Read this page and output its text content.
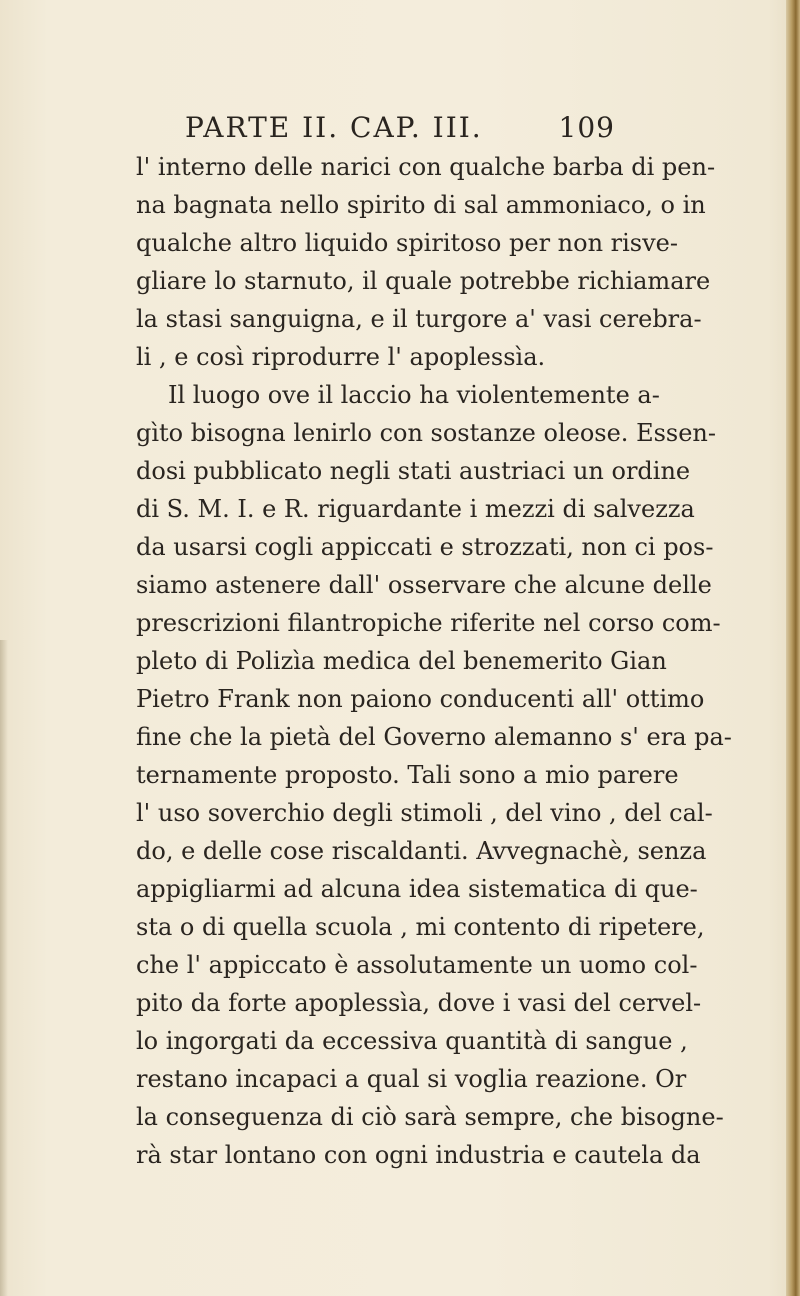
PARTE II. CAP. III.	109
l' interno delle narici con qualche barba di pen-
na bagnata nello spirito di sal ammoniaco, o in
qualche altro liquido spiritoso per non risve-
gliare lo starnuto, il quale potrebbe richiamare
la stasi sanguigna, e il turgore a' vasi cerebra-
li , e così riprodurre l' apoplessìa.
Il luogo ove il laccio ha violentemente a-
gìto bisogna lenirlo con sostanze oleose. Essen-
dosi pubblicato negli stati austriaci un ordine
di S. M. I. e R. riguardante i mezzi di salvezza
da usarsi cogli appiccati e strozzati, non ci pos-
siamo astenere dall' osservare che alcune delle
prescrizioni filantropiche riferite nel corso com-
pleto di Polizìa medica del benemerito Gian
Pietro Frank non paiono conducenti all' ottimo
fine che la pietà del Governo alemanno s' era pa-
ternamente proposto. Tali sono a mio parere
l' uso soverchio degli stimoli , del vino , del cal-
do, e delle cose riscaldanti. Avvegnachè, senza
appigliarmi ad alcuna idea sistematica di que-
sta o di quella scuola , mi contento di ripetere,
che l' appiccato è assolutamente un uomo col-
pito da forte apoplessìa, dove i vasi del cervel-
lo ingorgati da eccessiva quantità di sangue ,
restano incapaci a qual si voglia reazione. Or
la conseguenza di ciò sarà sempre, che bisogne-
rà star lontano con ogni industria e cautela da
